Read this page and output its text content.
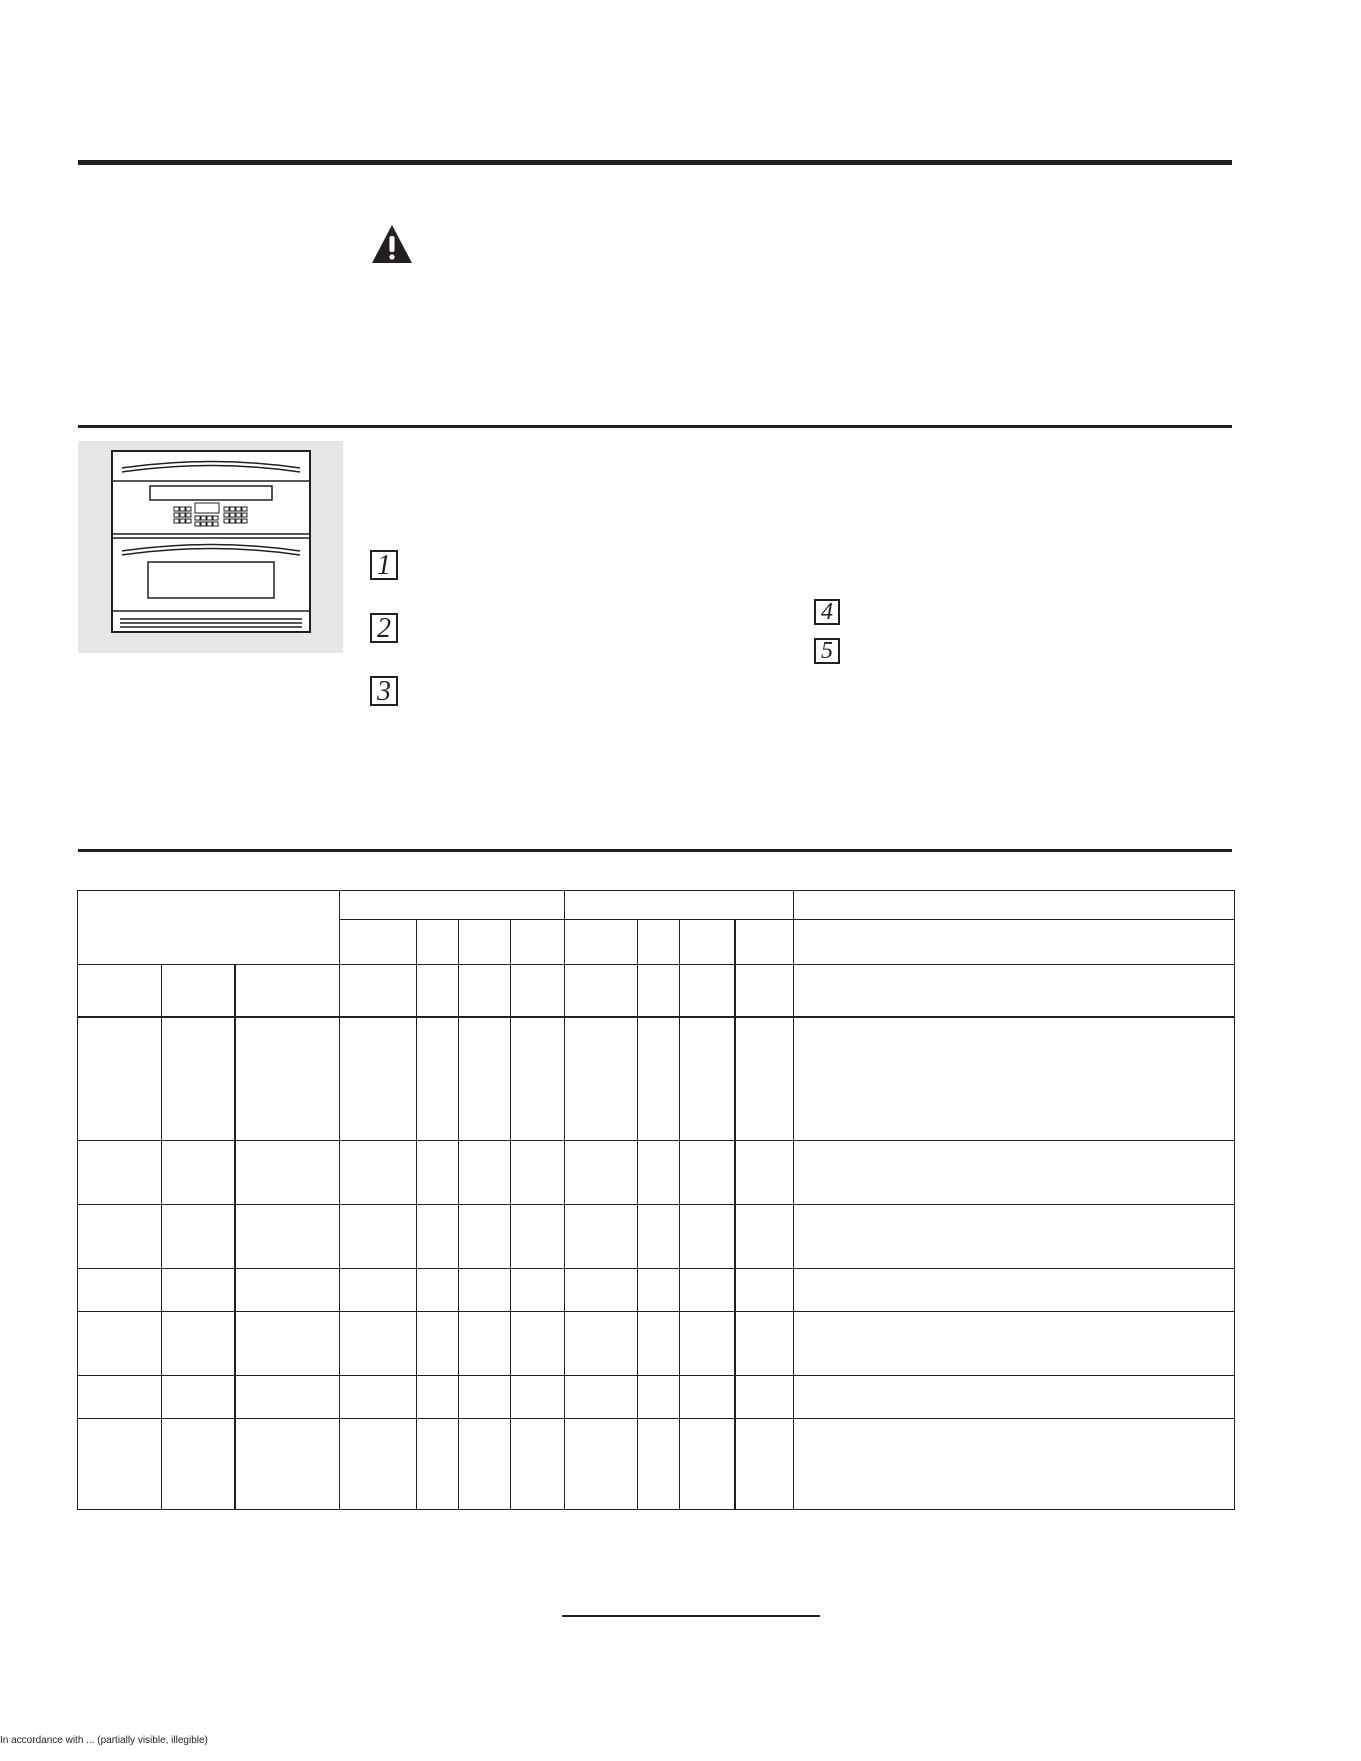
1
2
3
4
5

In accordance with ... (partially visible, illegible)
